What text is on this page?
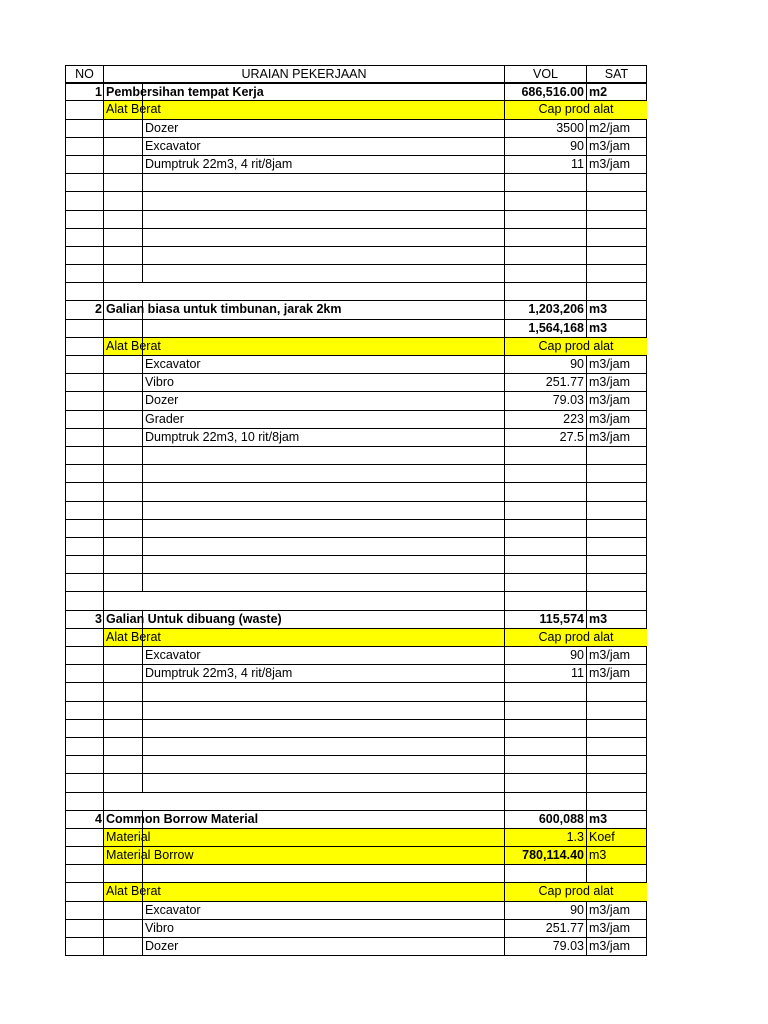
NO	URAIAN PEKERJAAN	VOL	SAT
1 Pembersihan tempat Kerja	686,516.00 m2
Alat Berat	Cap prod alat
Dozer	3500 m2/jam
Excavator	90 m3/jam
Dumptruk 22m3, 4 rit/8jam	11 m3/jam
2 Galian biasa untuk timbunan, jarak 2km	1,203,206 m3
1,564,168 m3
Alat Berat	Cap prod alat
Excavator	90 m3/jam
Vibro	251.77 m3/jam
Dozer	79.03 m3/jam
Grader	223 m3/jam
Dumptruk 22m3, 10 rit/8jam	27.5 m3/jam
3 Galian Untuk dibuang (waste)	115,574 m3
Alat Berat	Cap prod alat
Excavator	90 m3/jam
Dumptruk 22m3, 4 rit/8jam	11 m3/jam
4 Common Borrow Material	600,088 m3
Material	1.3 Koef
Material Borrow	780,114.40 m3
Alat Berat	Cap prod alat
Excavator	90 m3/jam
Vibro	251.77 m3/jam
Dozer	79.03 m3/jam
